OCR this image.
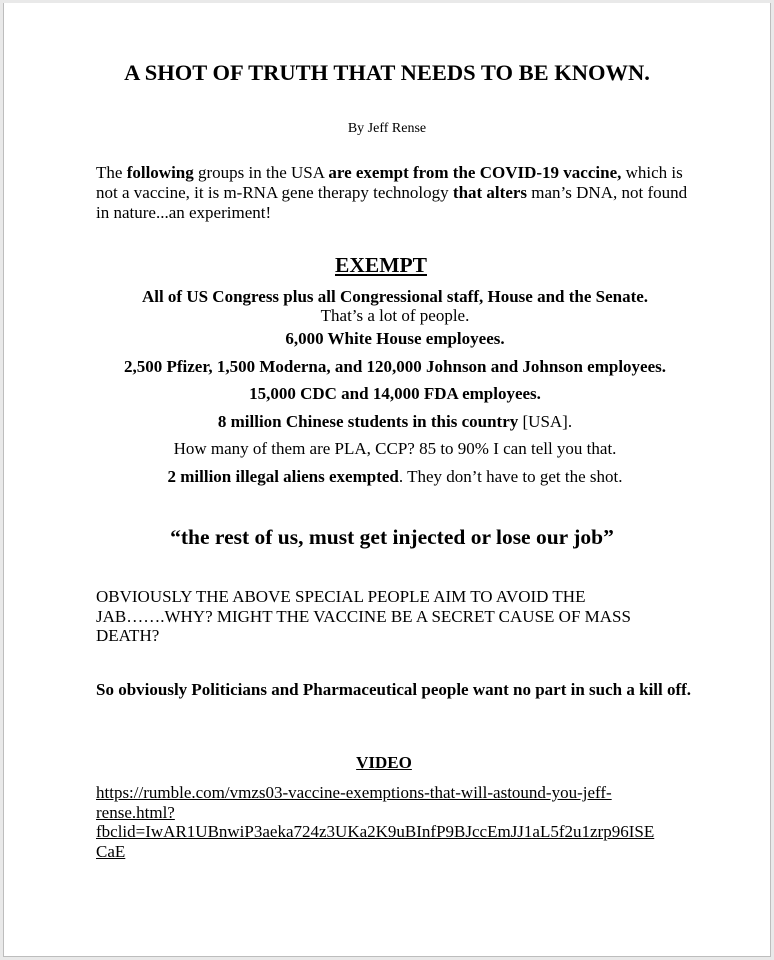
A SHOT OF TRUTH THAT NEEDS TO BE KNOWN.
By Jeff Rense
The following groups in the USA are exempt from the COVID-19 vaccine, which is not a vaccine, it is m-RNA gene therapy technology that alters man’s DNA, not found in nature...an experiment!
EXEMPT
All of US Congress plus all Congressional staff, House and the Senate.
That’s a lot of people.
6,000 White House employees.
2,500 Pfizer, 1,500 Moderna, and 120,000 Johnson and Johnson employees.
15,000 CDC and 14,000 FDA employees.
8 million Chinese students in this country [USA].
How many of them are PLA, CCP? 85 to 90% I can tell you that.
2 million illegal aliens exempted. They don’t have to get the shot.
“the rest of us, must get injected or lose our job”
OBVIOUSLY THE ABOVE SPECIAL PEOPLE AIM TO AVOID THE JAB…….WHY? MIGHT THE VACCINE BE A SECRET CAUSE OF MASS DEATH?
So obviously Politicians and Pharmaceutical people want no part in such a kill off.
VIDEO
https://rumble.com/vmzs03-vaccine-exemptions-that-will-astound-you-jeff-
rense.html?
fbclid=IwAR1UBnwiP3aeka724z3UKa2K9uBInfP9BJccEmJJ1aL5f2u1zrp96ISE
CaE
